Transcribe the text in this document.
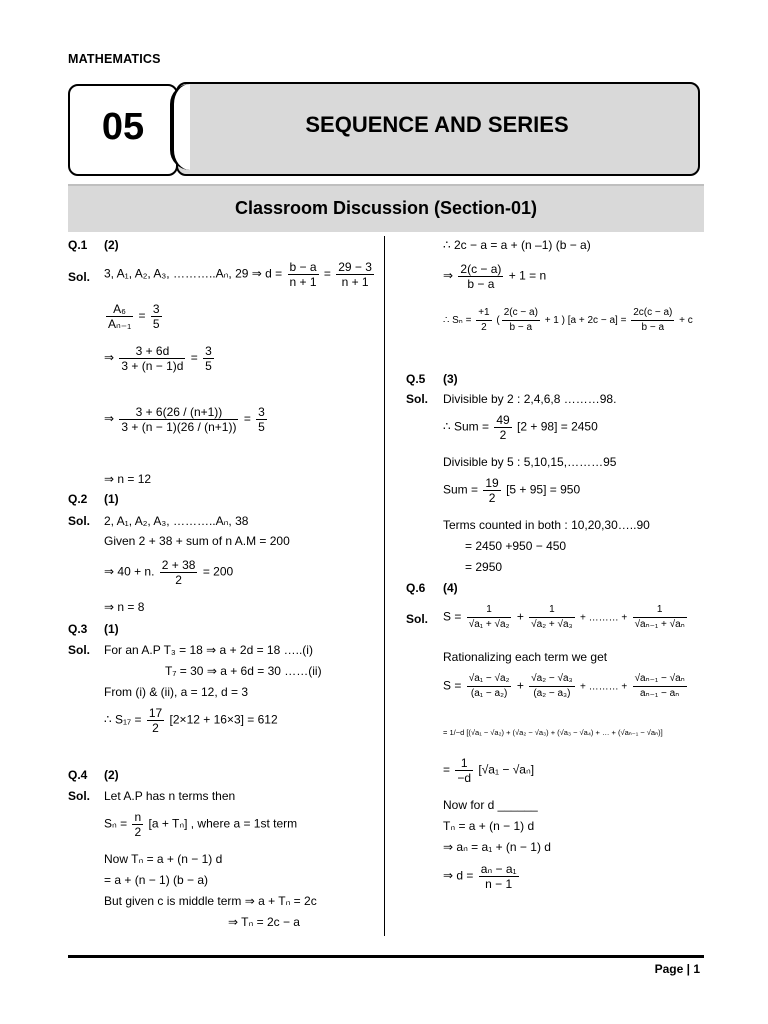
MATHEMATICS
05	SEQUENCE AND SERIES
Classroom Discussion (Section-01)
Q.1 (2)
Sol. 3, A₁, A₂, A₃, ………..Aₙ, 29 ⇒ $d = \frac{b - a}{n + 1} = \frac{29 - 3}{n + 1}$
$\frac{\text{A₆}}{\text{Aₙ₋₁}} = \frac{3}{5}$
⇒ $\frac{3 + 6d}{3 + (n - 1)d} = \frac{3}{5}$
⇒ $\frac{3 + 6(26 / (n+1))}{3 + (n - 1)(26 / (n+1))} = \frac{3}{5}$
⇒ n = 12
Q.2 (1)
Sol. 2, A₁, A₂, A₃, ………..Aₙ, 38
Given 2 + 38 + sum of n A.M = 200
⇒ 40 + n. $\frac{2 + 38}{2} = 200$
⇒ n = 8
Q.3 (1)
Sol. For an A.P T₃ = 18 ⇒ a + 2d = 18 …..(i)
T₇ = 30 ⇒ a + 6d = 30 ……(ii)
From (i) & (ii), a = 12, d = 3
∴ $S_{17} = \frac{17}{2} [2\times 12 + 16\times 3] = 612$
Q.4 (2)
Sol. Let A.P has n terms then
$S_n = \frac{n}{2} [a + T_n]$ , where a = 1st term
Now Tₙ = a + (n − 1) d
= a + (n − 1) (b − a)
But given c is middle term ⇒ a + Tₙ = 2c
⇒ Tₙ = 2c − a
∴ 2c − a = a + (n –1) (b − a)
⇒ $\frac{2(c - a)}{b - a} + 1 = n$
∴ $S_n = \frac{+1}{2}$ ( $\frac{2(c - a)}{b - a} + 1$ ) $[a + 2c - a] = \frac{2c(c - a)}{b - a} + c$
Q.5 (3)
Sol. Divisible by 2 : 2,4,6,8 ………98.
∴ Sum = $\frac{49}{2} [2 + 98] = 2450$
Divisible by 5 : 5,10,15,………95
Sum = $\frac{19}{2} [5 + 95] = 950$
Terms counted in both : 10,20,30…..90
= 2450 +950 − 450
= 2950
Q.6 (4)
Sol. $S = \frac{1}{\text{√a₁ + √a₂}} + \frac{1}{\text{√a₂ + √a₃}}$ + ……… + $\frac{1}{\text{√aₙ₋₁ + √aₙ}}$
Rationalizing each term we get
$S = \frac{\text{√a₁ − √a₂}}{\text{(a₁ − a₂)}} + \frac{\text{√a₂ − √a₃}}{\text{(a₂ − a₃)}}$ + ……… + $\frac{\text{√aₙ₋₁ − √aₙ}}{\text{aₙ₋₁ − aₙ}}$
= 1/−d [(√a₁ − √a₂) + (√a₂ − √a₃) + (√a₃ − √a₄) + … + (√aₙ₋₁ − √aₙ)]
= $\frac{1}{-d} [√a_1 - √a_n]$
Now for d ______
Tₙ = a + (n − 1) d
⇒ aₙ = a₁ + (n − 1) d
⇒ $d = \frac{\text{aₙ − a₁}}{n - 1}$
Page | 1
